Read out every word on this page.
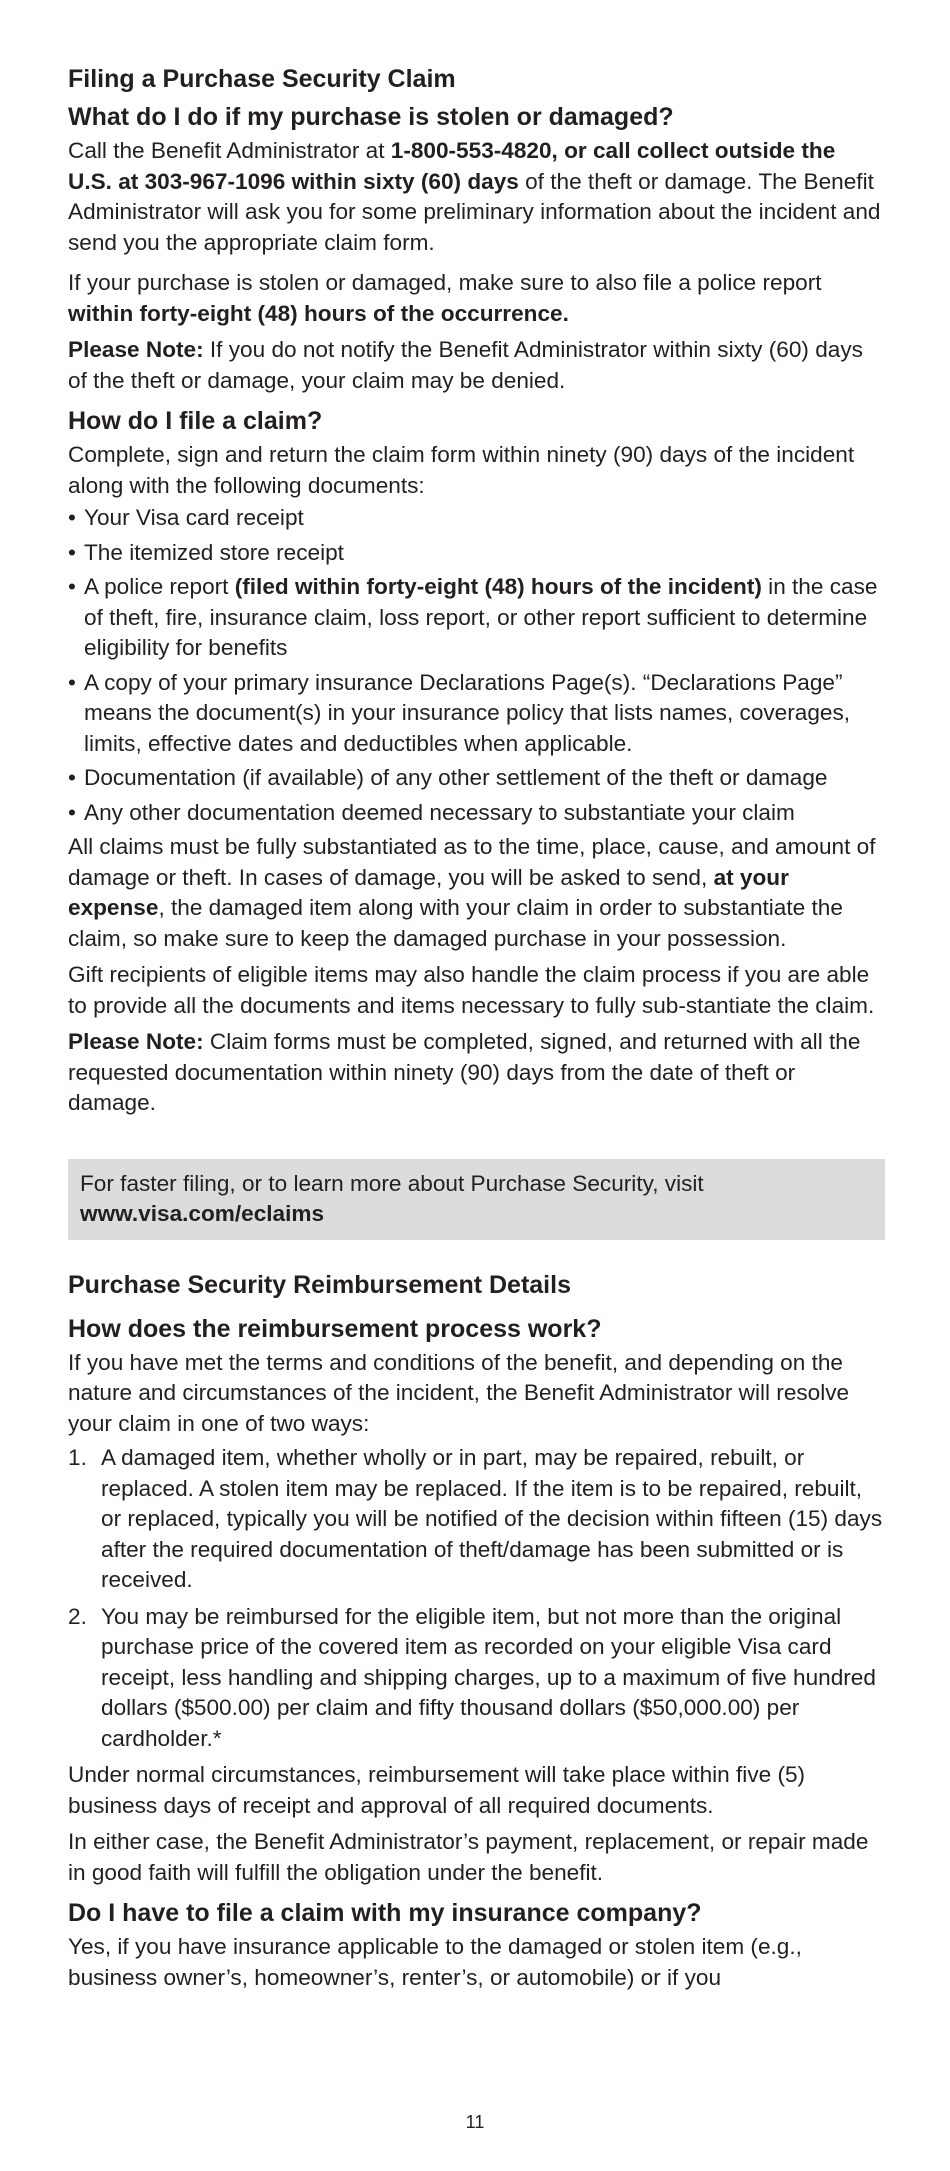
Filing a Purchase Security Claim
What do I do if my purchase is stolen or damaged?

Call the Benefit Administrator at 1-800-553-4820, or call collect outside the U.S. at 303-967-1096 within sixty (60) days of the theft or damage. The Benefit Administrator will ask you for some preliminary information about the incident and send you the appropriate claim form.

If your purchase is stolen or damaged, make sure to also file a police report within forty-eight (48) hours of the occurrence.

Please Note: If you do not notify the Benefit Administrator within sixty (60) days of the theft or damage, your claim may be denied.

How do I file a claim?

Complete, sign and return the claim form within ninety (90) days of the incident along with the following documents:

• Your Visa card receipt
• The itemized store receipt
• A police report (filed within forty-eight (48) hours of the incident) in the case of theft, fire, insurance claim, loss report, or other report sufficient to determine eligibility for benefits
• A copy of your primary insurance Declarations Page(s). “Declarations Page” means the document(s) in your insurance policy that lists names, coverages, limits, effective dates and deductibles when applicable.
• Documentation (if available) of any other settlement of the theft or damage
• Any other documentation deemed necessary to substantiate your claim

All claims must be fully substantiated as to the time, place, cause, and amount of damage or theft. In cases of damage, you will be asked to send, at your expense, the damaged item along with your claim in order to substantiate the claim, so make sure to keep the damaged purchase in your possession.

Gift recipients of eligible items may also handle the claim process if you are able to provide all the documents and items necessary to fully sub-stantiate the claim.

Please Note: Claim forms must be completed, signed, and returned with all the requested documentation within ninety (90) days from the date of theft or damage.

For faster filing, or to learn more about Purchase Security, visit

www.visa.com/eclaims

Purchase Security Reimbursement Details
How does the reimbursement process work?

If you have met the terms and conditions of the benefit, and depending on the nature and circumstances of the incident, the Benefit Administrator will resolve your claim in one of two ways:

1. A damaged item, whether wholly or in part, may be repaired, rebuilt, or replaced. A stolen item may be replaced. If the item is to be repaired, rebuilt, or replaced, typically you will be notified of the decision within fifteen (15) days after the required documentation of theft/damage has been submitted or is received.
2. You may be reimbursed for the eligible item, but not more than the original purchase price of the covered item as recorded on your eligible Visa card receipt, less handling and shipping charges, up to a maximum of five hundred dollars ($500.00) per claim and fifty thousand dollars ($50,000.00) per cardholder.*

Under normal circumstances, reimbursement will take place within five (5) business days of receipt and approval of all required documents.

In either case, the Benefit Administrator’s payment, replacement, or repair made in good faith will fulfill the obligation under the benefit.

Do I have to file a claim with my insurance company?

Yes, if you have insurance applicable to the damaged or stolen item (e.g., business owner’s, homeowner’s, renter’s, or automobile) or if you

11
